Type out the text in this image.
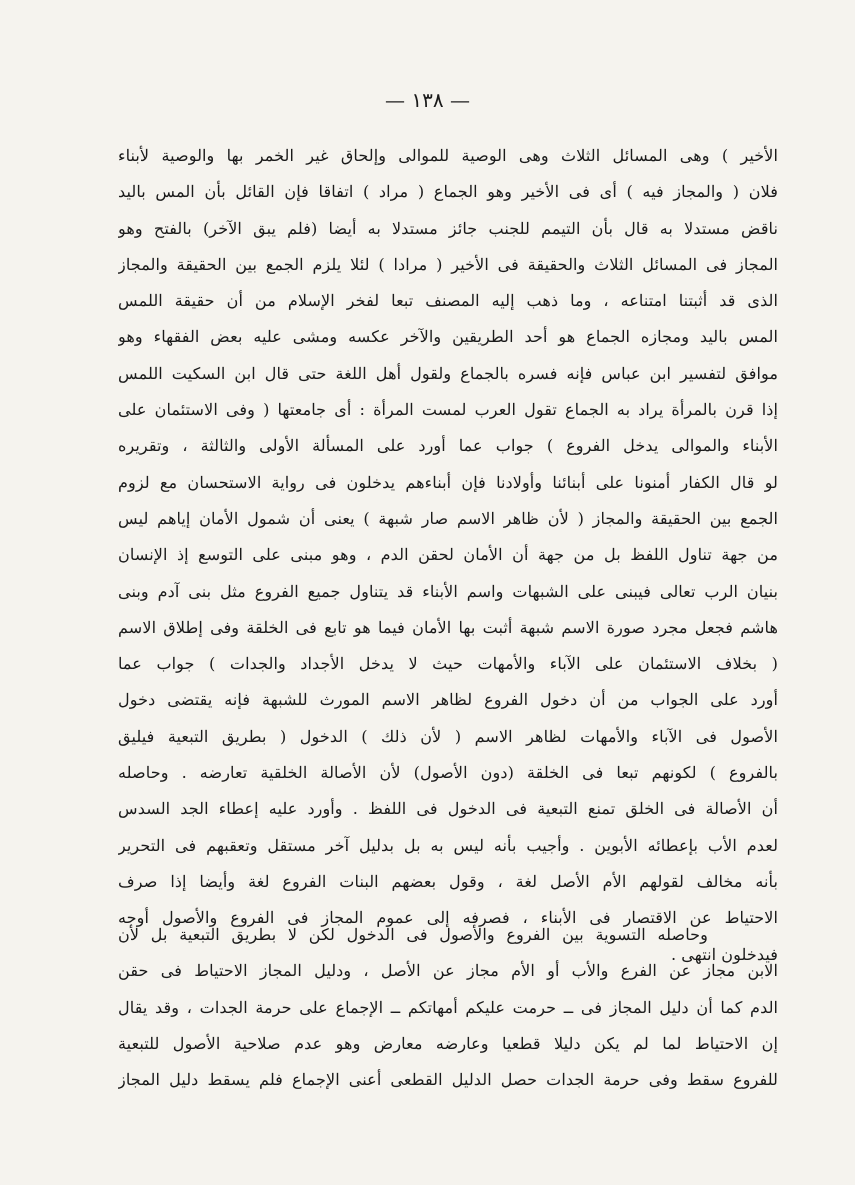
— ١٣٨ —
الأخير ) وهى المسائل الثلاث وهى الوصية للموالى وإلحاق غير الخمر بها والوصية لأبناء
فلان ( والمجاز فيه ) أى فى الأخير وهو الجماع ( مراد ) اتفاقا فإن القائل بأن المس باليد
ناقض مستدلا به قال بأن التيمم للجنب جائز مستدلا به أيضا (فلم يبق الآخر) بالفتح وهو
المجاز فى المسائل الثلاث والحقيقة فى الأخير ( مرادا ) لئلا يلزم الجمع بين الحقيقة والمجاز
الذى قد أثبتنا امتناعه ، وما ذهب إليه المصنف تبعا لفخر الإسلام من أن حقيقة اللمس
المس باليد ومجازه الجماع هو أحد الطريقين والآخر عكسه ومشى عليه بعض الفقهاء وهو
موافق لتفسير ابن عباس فإنه فسره بالجماع ولقول أهل اللغة حتى قال ابن السكيت اللمس
إذا قرن بالمرأة يراد به الجماع تقول العرب لمست المرأة : أى جامعتها ( وفى الاستئمان على
الأبناء والموالى يدخل الفروع ) جواب عما أورد على المسألة الأولى والثالثة ، وتقريره
لو قال الكفار أمنونا على أبنائنا وأولادنا فإن أبناءهم يدخلون فى رواية الاستحسان مع لزوم
الجمع بين الحقيقة والمجاز ( لأن ظاهر الاسم صار شبهة ) يعنى أن شمول الأمان إياهم ليس
من جهة تناول اللفظ بل من جهة أن الأمان لحقن الدم ، وهو مبنى على التوسع إذ الإنسان
بنيان الرب تعالى فيبنى على الشبهات واسم الأبناء قد يتناول جميع الفروع مثل بنى آدم وبنى
هاشم فجعل مجرد صورة الاسم شبهة أثبت بها الأمان فيما هو تابع فى الخلقة وفى إطلاق الاسم
( بخلاف الاستئمان على الآباء والأمهات حيث لا يدخل الأجداد والجدات ) جواب عما
أورد على الجواب من أن دخول الفروع لظاهر الاسم المورث للشبهة فإنه يقتضى دخول
الأصول فى الآباء والأمهات لظاهر الاسم ( لأن ذلك ) الدخول ( بطريق التبعية فيليق
بالفروع ) لكونهم تبعا فى الخلقة (دون الأصول) لأن الأصالة الخلقية تعارضه . وحاصله
أن الأصالة فى الخلق تمنع التبعية فى الدخول فى اللفظ . وأورد عليه إعطاء الجد السدس
لعدم الأب بإعطائه الأبوين . وأجيب بأنه ليس به بل بدليل آخر مستقل وتعقبهم فى التحرير
بأنه مخالف لقولهم الأم الأصل لغة ، وقول بعضهم البنات الفروع لغة وأيضا إذا صرف
الاحتياط عن الاقتصار فى الأبناء ، فصرفه إلى عموم المجاز فى الفروع والأصول أوجه
فيدخلون انتهى .
وحاصله التسوية بين الفروع والأصول فى الدخول لكن لا بطريق التبعية بل لأن
الابن مجاز عن الفرع والأب أو الأم مجاز عن الأصل ، ودليل المجاز الاحتياط فى حقن
الدم كما أن دليل المجاز فى ــ حرمت عليكم أمهاتكم ــ الإجماع على حرمة الجدات ، وقد يقال
إن الاحتياط لما لم يكن دليلا قطعيا وعارضه معارض وهو عدم صلاحية الأصول للتبعية
للفروع سقط وفى حرمة الجدات حصل الدليل القطعى أعنى الإجماع فلم يسقط دليل المجاز
